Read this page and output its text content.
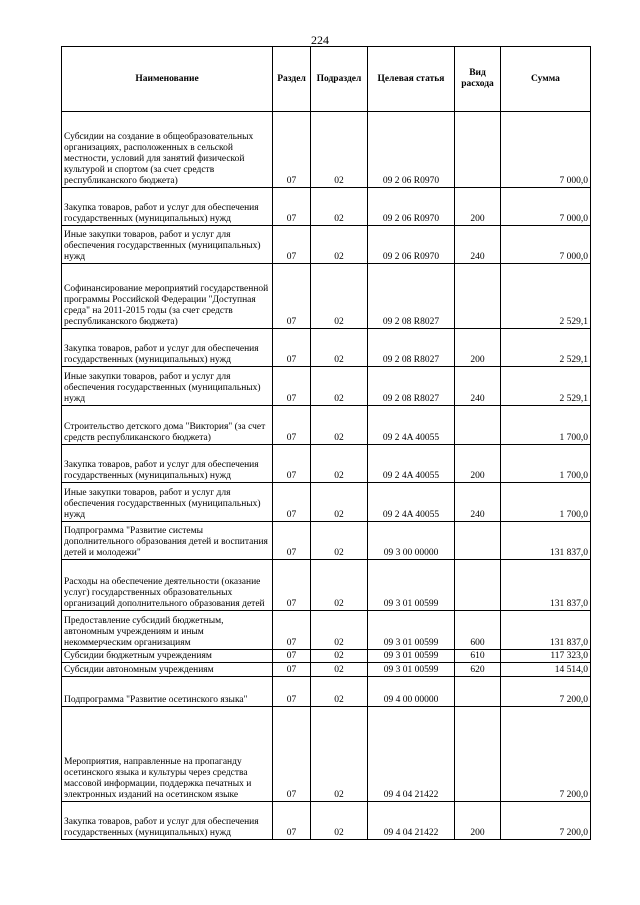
224
Наименование	Раздел	Подраздел	Целевая статья	Вид расхода	Сумма
Субсидии на создание в общеобразовательных организациях, расположенных в сельской местности, условий для занятий физической культурой и спортом (за счет средств республиканского бюджета)	07	02	09 2 06 R0970		7 000,0
Закупка товаров, работ и услуг для обеспечения государственных (муниципальных) нужд	07	02	09 2 06 R0970	200	7 000,0
Иные закупки товаров, работ и услуг для обеспечения государственных (муниципальных) нужд	07	02	09 2 06 R0970	240	7 000,0
Софинансирование мероприятий государственной программы Российской Федерации "Доступная среда" на 2011-2015 годы (за счет средств республиканского бюджета)	07	02	09 2 08 R8027		2 529,1
Закупка товаров, работ и услуг для обеспечения государственных (муниципальных) нужд	07	02	09 2 08 R8027	200	2 529,1
Иные закупки товаров, работ и услуг для обеспечения государственных (муниципальных) нужд	07	02	09 2 08 R8027	240	2 529,1
Строительство детского дома "Виктория" (за счет средств республиканского бюджета)	07	02	09 2 4A 40055		1 700,0
Закупка товаров, работ и услуг для обеспечения государственных (муниципальных) нужд	07	02	09 2 4A 40055	200	1 700,0
Иные закупки товаров, работ и услуг для обеспечения государственных (муниципальных) нужд	07	02	09 2 4A 40055	240	1 700,0
Подпрограмма "Развитие системы дополнительного образования детей и воспитания детей и молодежи"	07	02	09 3 00 00000		131 837,0
Расходы на обеспечение деятельности (оказание услуг) государственных образовательных организаций дополнительного образования детей	07	02	09 3 01 00599		131 837,0
Предоставление субсидий бюджетным, автономным учреждениям и иным некоммерческим организациям	07	02	09 3 01 00599	600	131 837,0
Субсидии бюджетным учреждениям	07	02	09 3 01 00599	610	117 323,0
Субсидии автономным учреждениям	07	02	09 3 01 00599	620	14 514,0
Подпрограмма "Развитие осетинского языка"	07	02	09 4 00 00000		7 200,0
Мероприятия, направленные на пропаганду осетинского языка и культуры через средства массовой информации, поддержка печатных и электронных изданий на осетинском языке	07	02	09 4 04 21422		7 200,0
Закупка товаров, работ и услуг для обеспечения государственных (муниципальных) нужд	07	02	09 4 04 21422	200	7 200,0
